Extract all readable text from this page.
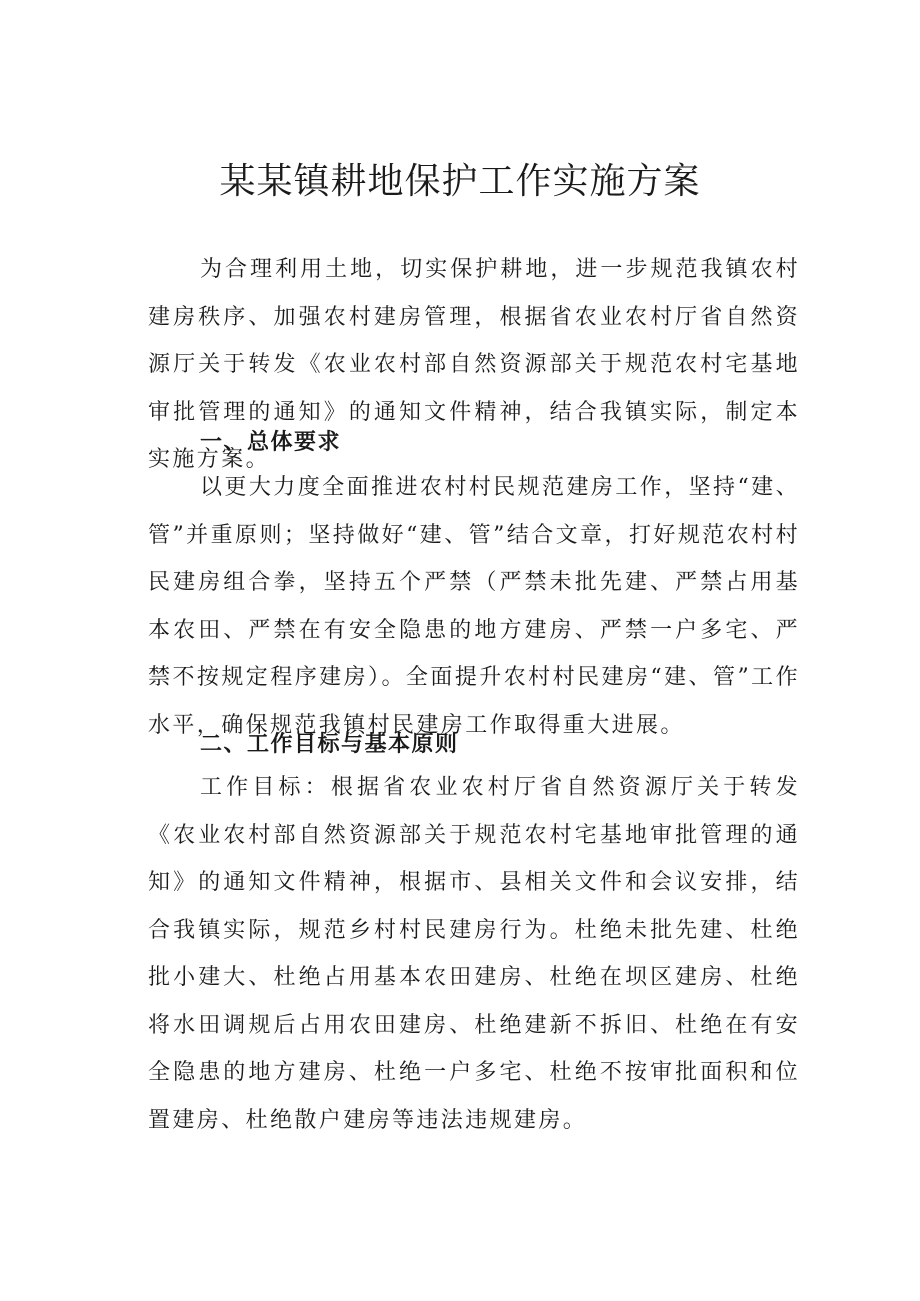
某某镇耕地保护工作实施方案

为合理利用土地，切实保护耕地，进一步规范我镇农村建房秩序、加强农村建房管理，根据省农业农村厅省自然资源厅关于转发《农业农村部自然资源部关于规范农村宅基地审批管理的通知》的通知文件精神，结合我镇实际，制定本实施方案。

一、总体要求

以更大力度全面推进农村村民规范建房工作，坚持“建、管”并重原则；坚持做好“建、管”结合文章，打好规范农村村民建房组合拳，坚持五个严禁（严禁未批先建、严禁占用基本农田、严禁在有安全隐患的地方建房、严禁一户多宅、严禁不按规定程序建房）。全面提升农村村民建房“建、管”工作水平，确保规范我镇村民建房工作取得重大进展。

二、工作目标与基本原则

工作目标：根据省农业农村厅省自然资源厅关于转发《农业农村部自然资源部关于规范农村宅基地审批管理的通知》的通知文件精神，根据市、县相关文件和会议安排，结合我镇实际，规范乡村村民建房行为。杜绝未批先建、杜绝批小建大、杜绝占用基本农田建房、杜绝在坝区建房、杜绝将水田调规后占用农田建房、杜绝建新不拆旧、杜绝在有安全隐患的地方建房、杜绝一户多宅、杜绝不按审批面积和位置建房、杜绝散户建房等违法违规建房。
